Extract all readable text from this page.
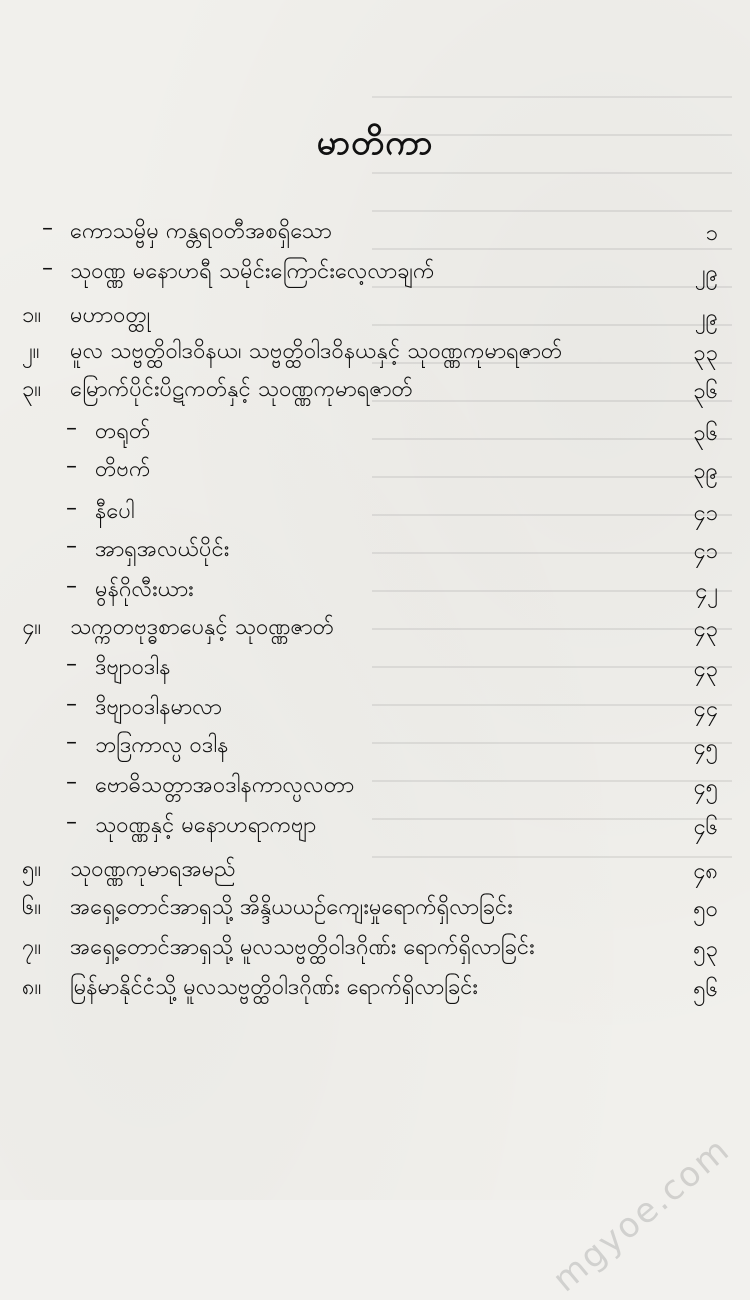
မာတိကာ
– ကောသမ္ဗိမှ ကန္တရဝတီအစရှိသော	၁
– သုဝဏ္ဏ မနောဟရီ သမိုင်းကြောင်းလေ့လာချက်	၂၉
၁။	မဟာဝတ္ထု	၂၉
၂။	မူလ သဗ္ဗတ္ထိဝါဒဝိနယ၊ သဗ္ဗတ္ထိဝါဒဝိနယနှင့် သုဝဏ္ဏကုမာရဇာတ်	၃၃
၃။	မြောက်ပိုင်းပိဋကတ်နှင့် သုဝဏ္ဏကုမာရဇာတ်	၃၆
– တရုတ်	၃၆
– တိဗက်	၃၉
– နီပေါ	၄၁
– အာရှအလယ်ပိုင်း	၄၁
– မွန်ဂိုလီးယား	၄၂
၄။	သက္ကတဗုဒ္ဓစာပေနှင့် သုဝဏ္ဏဇာတ်	၄၃
– ဒိဗျာဝဒါန	၄၃
– ဒိဗျာဝဒါနမာလာ	၄၄
– ဘဒြကာလ္ပ ဝဒါန	၄၅
– ဗောဓိသတ္တာအဝဒါနကာလ္ပလတာ	၄၅
– သုဝဏ္ဏနှင့် မနောဟရာကဗျာ	၄၆
၅။	သုဝဏ္ဏကုမာရအမည်	၄၈
၆။	အရှေ့တောင်အာရှသို့ အိန္ဒိယယဉ်ကျေးမှုရောက်ရှိလာခြင်း	၅၀
၇။	အရှေ့တောင်အာရှသို့ မူလသဗ္ဗတ္ထိဝါဒဂိုဏ်း ရောက်ရှိလာခြင်း	၅၃
၈။	မြန်မာနိုင်ငံသို့ မူလသဗ္ဗတ္ထိဝါဒဂိုဏ်း ရောက်ရှိလာခြင်း	၅၆
mgyoe.com
